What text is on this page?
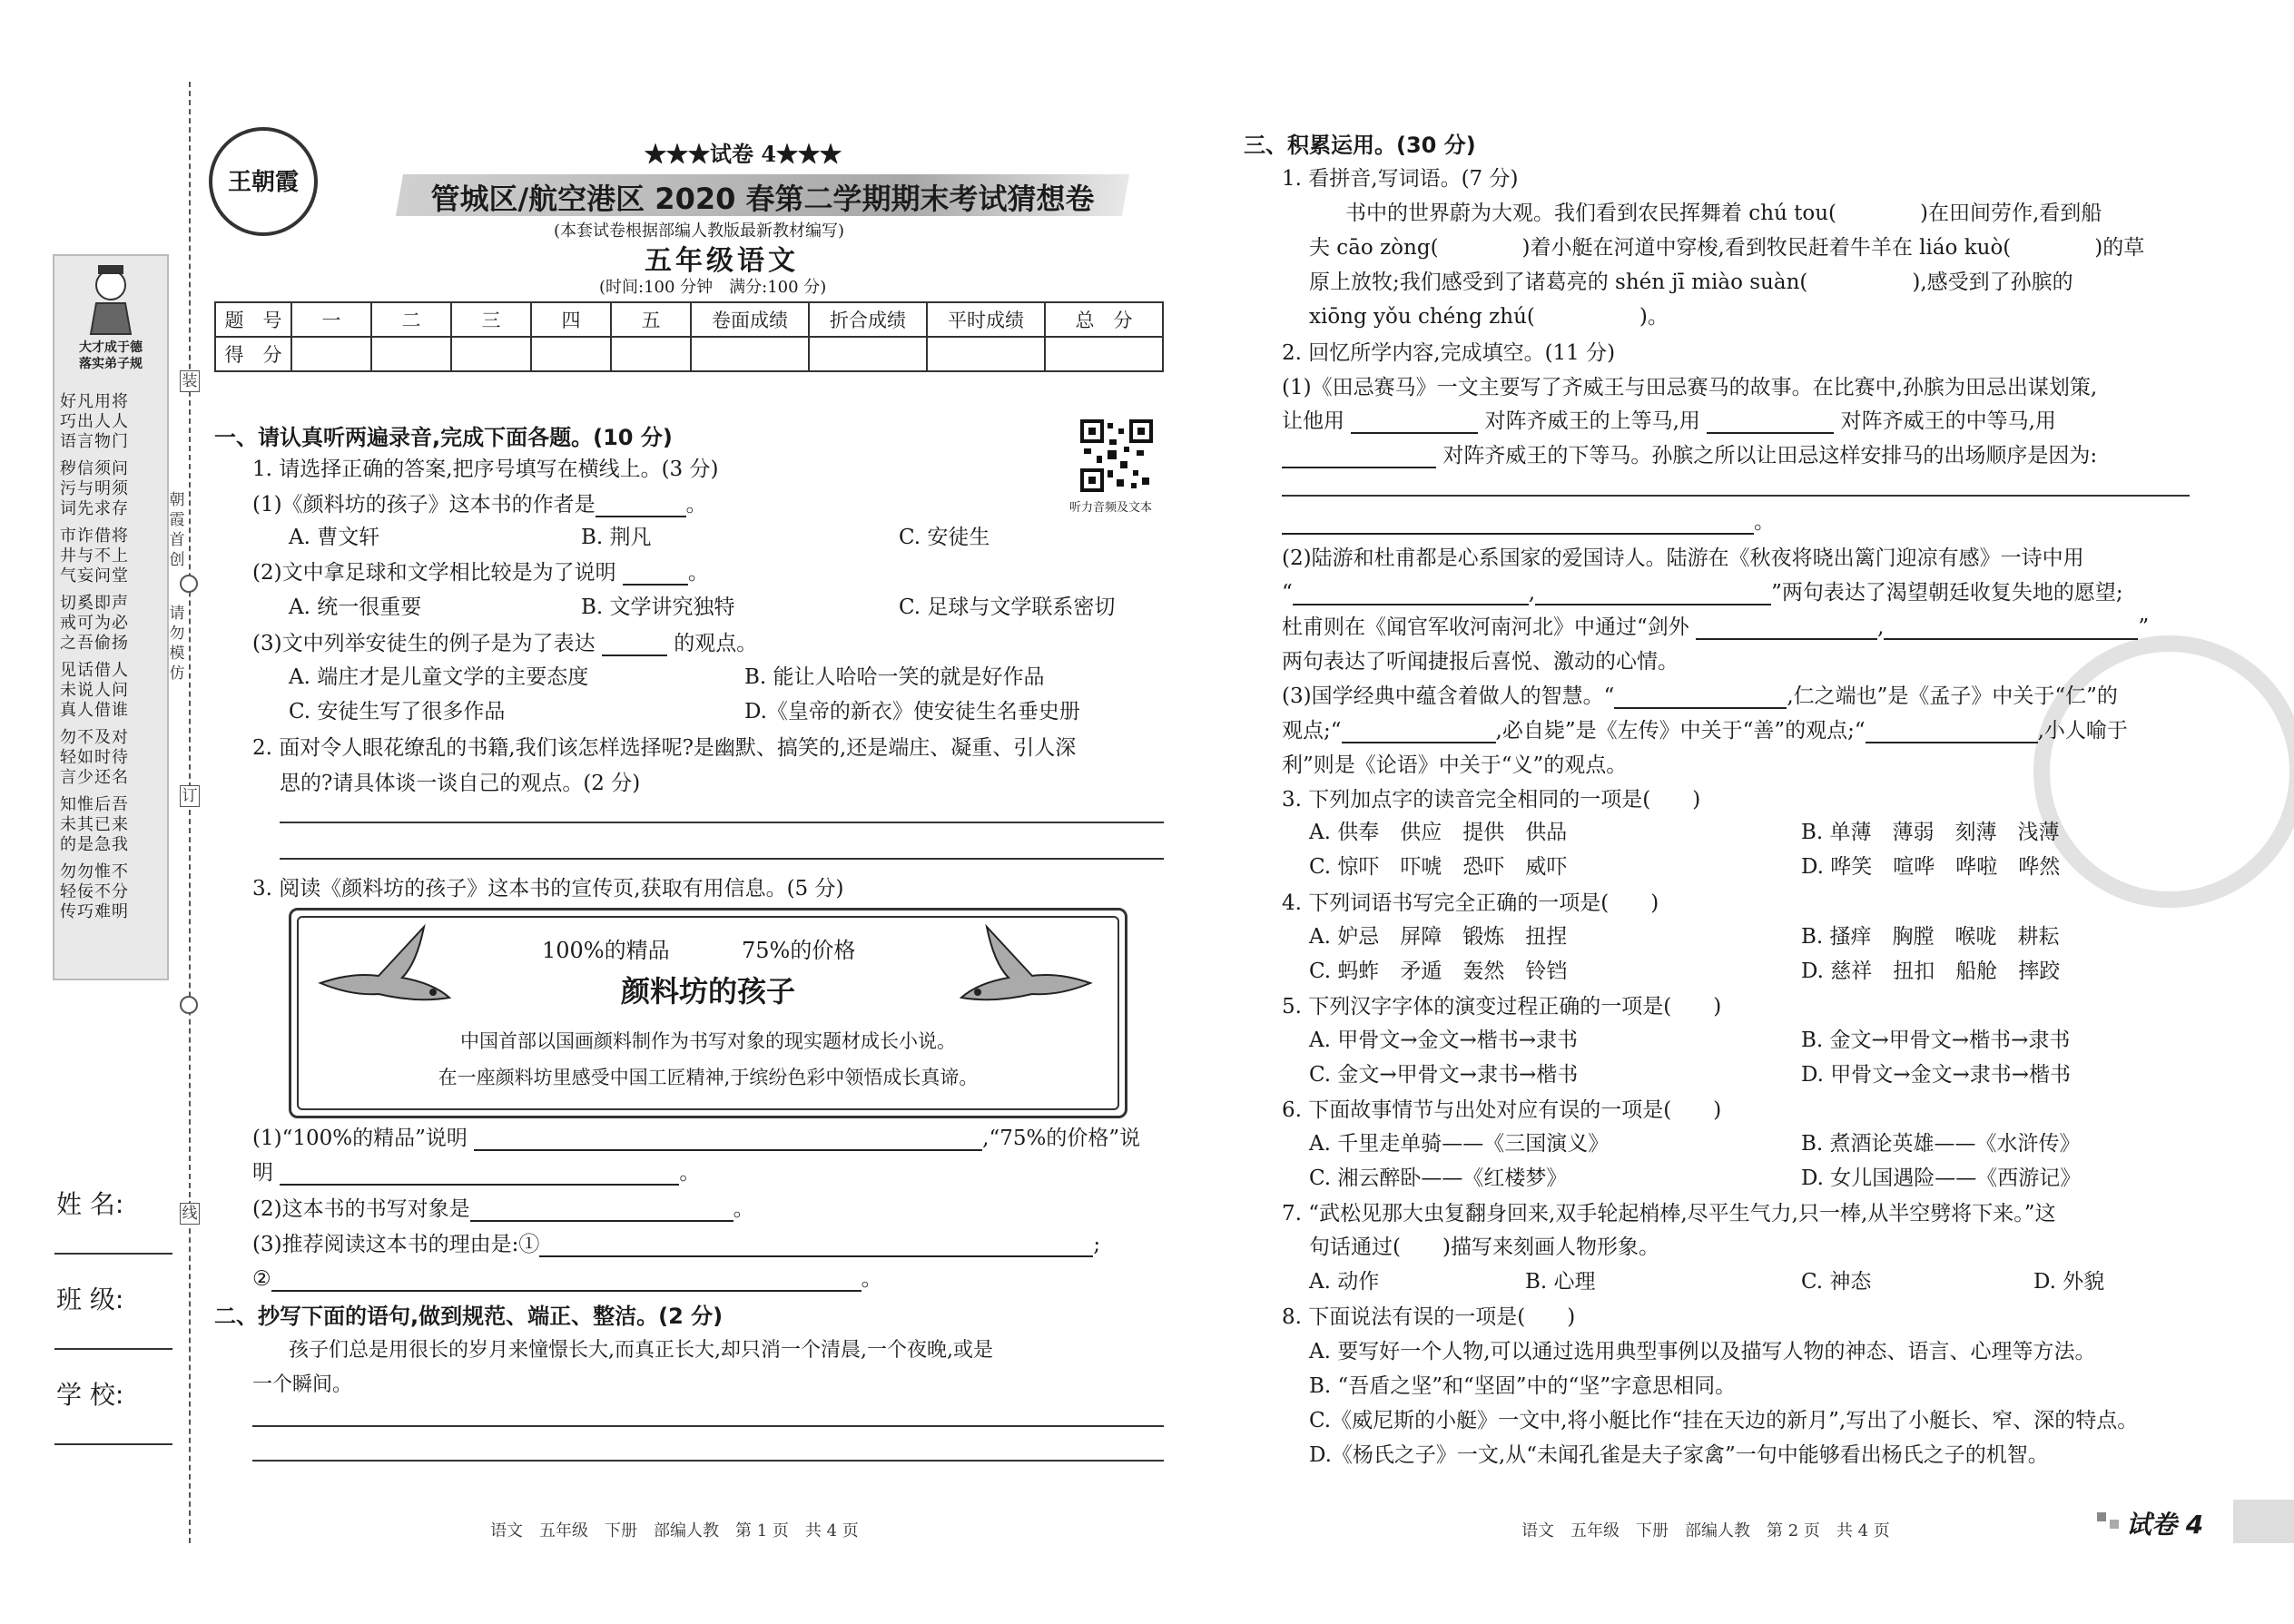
装
朝霞首创
请勿模仿
订
线
大才成于德
落实弟子规
好凡用将
巧出人人
语言物门
秽信须问
污与明须
词先求存
市诈借将
井与不上
气妄问堂
切奚即声
戒可为必
之吾偷扬
见话借人
未说人问
真人借谁
勿不及对
轻如时待
言少还名
知惟后吾
未其已来
的是急我
勿勿惟不
轻佞不分
传巧难明
姓 名:
班 级:
学 校:
王朝霞
★★★试卷 4★★★
管城区/航空港区 2020 春第二学期期末考试猜想卷
(本套试卷根据部编人教版最新教材编写)
五年级语文
(时间:100 分钟　满分:100 分)
题　号	一	二	三	四	五	卷面成绩	折合成绩	平时成绩	总　分
得　分									
听力音频及文本
一、请认真听两遍录音,完成下面各题。(10 分)
1. 请选择正确的答案,把序号填写在横线上。(3 分)
(1)《颜料坊的孩子》这本书的作者是	。
A. 曹文轩	B. 荆凡	C. 安徒生
(2)文中拿足球和文学相比较是为了说明	。
A. 统一很重要	B. 文学讲究独特	C. 足球与文学联系密切
(3)文中列举安徒生的例子是为了表达	的观点。
A. 端庄才是儿童文学的主要态度	B. 能让人哈哈一笑的就是好作品
C. 安徒生写了很多作品	D.《皇帝的新衣》使安徒生名垂史册
2. 面对令人眼花缭乱的书籍,我们该怎样选择呢?是幽默、搞笑的,还是端庄、凝重、引人深
思的?请具体谈一谈自己的观点。(2 分)
3. 阅读《颜料坊的孩子》这本书的宣传页,获取有用信息。(5 分)
100%的精品	75%的价格
颜料坊的孩子
中国首部以国画颜料制作为书写对象的现实题材成长小说。
在一座颜料坊里感受中国工匠精神,于缤纷色彩中领悟成长真谛。
(1)“100%的精品”说明	,“75%的价格”说
明	。
(2)这本书的书写对象是	。
(3)推荐阅读这本书的理由是:①	;
②	。
二、抄写下面的语句,做到规范、端正、整洁。(2 分)
孩子们总是用很长的岁月来憧憬长大,而真正长大,却只消一个清晨,一个夜晚,或是
一个瞬间。
语文　五年级　下册　部编人教　第 1 页　共 4 页
三、积累运用。(30 分)
1. 看拼音,写词语。(7 分)
书中的世界蔚为大观。我们看到农民挥舞着 chú tou(　　　　)在田间劳作,看到船
夫 cāo zòng(　　　　)着小艇在河道中穿梭,看到牧民赶着牛羊在 liáo kuò(　　　　)的草
原上放牧;我们感受到了诸葛亮的 shén jī miào suàn(　　　　　),感受到了孙膑的
xiōng yǒu chéng zhú(　　　　　)。
2. 回忆所学内容,完成填空。(11 分)
(1)《田忌赛马》一文主要写了齐威王与田忌赛马的故事。在比赛中,孙膑为田忌出谋划策,
让他用	对阵齐威王的上等马,用	对阵齐威王的中等马,用
对阵齐威王的下等马。孙膑之所以让田忌这样安排马的出场顺序是因为:
。
(2)陆游和杜甫都是心系国家的爱国诗人。陆游在《秋夜将晓出篱门迎凉有感》一诗中用
“	,	”两句表达了渴望朝廷收复失地的愿望;
杜甫则在《闻官军收河南河北》中通过“剑外	,	”
两句表达了听闻捷报后喜悦、激动的心情。
(3)国学经典中蕴含着做人的智慧。“	,仁之端也”是《孟子》中关于“仁”的
观点;“	,必自毙”是《左传》中关于“善”的观点;“	,小人喻于
利”则是《论语》中关于“义”的观点。
3. 下列加点字的读音完全相同的一项是(　　)
A. 供奉　供应　提供　供品	B. 单薄　薄弱　刻薄　浅薄
C. 惊吓　吓唬　恐吓　威吓	D. 哗笑　喧哗　哗啦　哗然
4. 下列词语书写完全正确的一项是(　　)
A. 妒忌　屏障　锻炼　扭捏	B. 搔痒　胸膛　喉咙　耕耘
C. 蚂蚱　矛遁　轰然　铃铛	D. 慈祥　扭扣　船舱　摔跤
5. 下列汉字字体的演变过程正确的一项是(　　)
A. 甲骨文→金文→楷书→隶书	B. 金文→甲骨文→楷书→隶书
C. 金文→甲骨文→隶书→楷书	D. 甲骨文→金文→隶书→楷书
6. 下面故事情节与出处对应有误的一项是(　　)
A. 千里走单骑——《三国演义》	B. 煮酒论英雄——《水浒传》
C. 湘云醉卧——《红楼梦》	D. 女儿国遇险——《西游记》
7. “武松见那大虫复翻身回来,双手轮起梢棒,尽平生气力,只一棒,从半空劈将下来。”这
句话通过(　　)描写来刻画人物形象。
A. 动作	B. 心理	C. 神态	D. 外貌
8. 下面说法有误的一项是(　　)
A. 要写好一个人物,可以通过选用典型事例以及描写人物的神态、语言、心理等方法。
B. “吾盾之坚”和“坚固”中的“坚”字意思相同。
C.《威尼斯的小艇》一文中,将小艇比作“挂在天边的新月”,写出了小艇长、窄、深的特点。
D.《杨氏之子》一文,从“未闻孔雀是夫子家禽”一句中能够看出杨氏之子的机智。
语文　五年级　下册　部编人教　第 2 页　共 4 页	试卷 4
